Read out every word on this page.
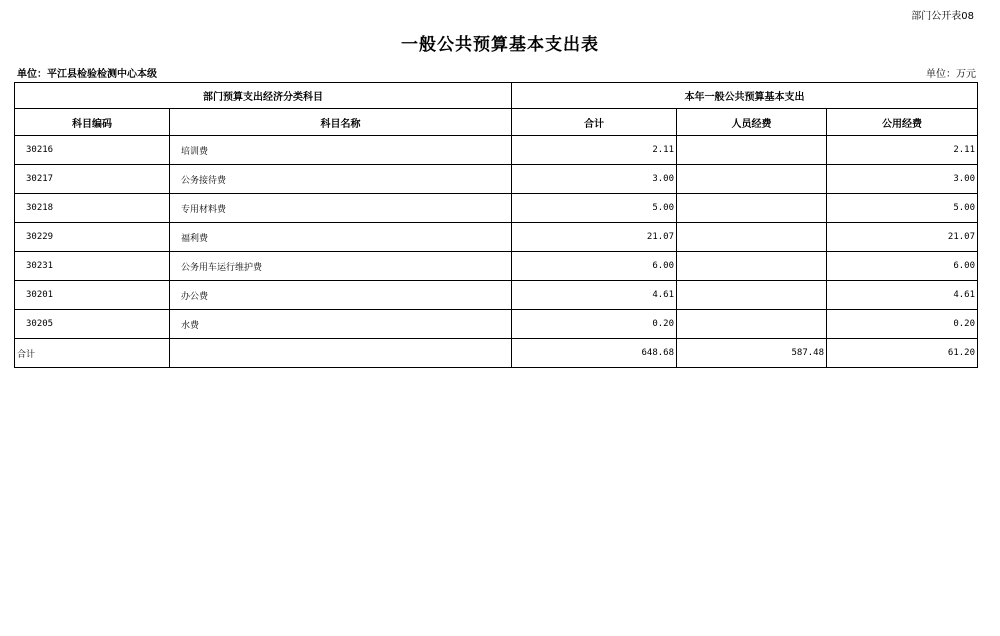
部门公开表08
一般公共预算基本支出表
单位：平江县检验检测中心本级	单位：万元
部门预算支出经济分类科目		本年一般公共预算基本支出		
科目编码	科目名称	合计	人员经费	公用经费
30216	培训费	2.11		2.11
30217	公务接待费	3.00		3.00
30218	专用材料费	5.00		5.00
30229	福利费	21.07		21.07
30231	公务用车运行维护费	6.00		6.00
30201	办公费	4.61		4.61
30205	水费	0.20		0.20
合计		648.68	587.48	61.20
